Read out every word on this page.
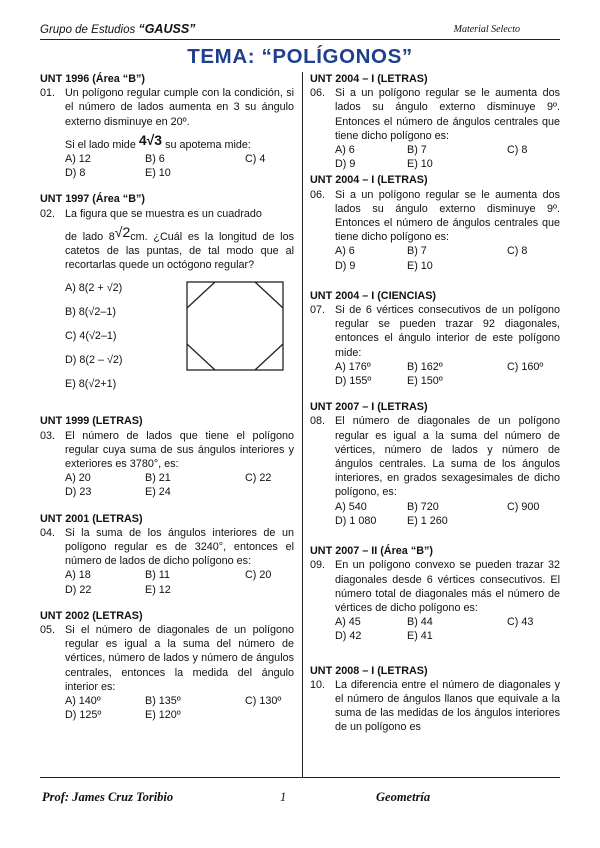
Grupo de Estudios “GAUSS”	Material Selecto
TEMA: “POLÍGONOS”
UNT 1996 (Área “B”)
01. Un polígono regular cumple con la condición, si el número de lados aumenta en 3 su ángulo externo disminuye en 20º.
Si el lado mide 4√3 su apotema mide:
A) 12	B) 6	C) 4
D) 8	E) 10
UNT 1997 (Área “B”)
02. La figura que se muestra es un cuadrado
de lado 8√2cm. ¿Cuál es la longitud de los catetos de las puntas, de tal modo que al recortarlas quede un octógono regular?
A) 8(2 + √2)
B) 8(√2–1)
C) 4(√2–1)
D) 8(2 – √2)
E) 8(√2+1)
UNT 1999 (LETRAS)
03. El número de lados que tiene el polígono regular cuya suma de sus ángulos interiores y exteriores es 3780°, es:
A) 20	B) 21	C) 22
D) 23	E) 24
UNT 2001 (LETRAS)
04. Si la suma de los ángulos interiores de un polígono regular es de 3240°, entonces el número de lados de dicho polígono es:
A) 18	B) 11	C) 20
D) 22	E) 12
UNT 2002 (LETRAS)
05. Si el número de diagonales de un polígono regular es igual a la suma del número de vértices, número de lados y número de ángulos centrales, entonces la medida del ángulo interior es:
A) 140º	B) 135º	C) 130º
D) 125º	E) 120º
UNT 2004 – I (LETRAS)
06. Si a un polígono regular se le aumenta dos lados su ángulo externo disminuye 9º. Entonces el número de ángulos centrales que tiene dicho polígono es:
A) 6	B) 7	C) 8
D) 9	E) 10
UNT 2004 – I (LETRAS)
06. Si a un polígono regular se le aumenta dos lados su ángulo externo disminuye 9º. Entonces el número de ángulos centrales que tiene dicho polígono es:
A) 6	B) 7	C) 8
D) 9	E) 10
UNT 2004 – I (CIENCIAS)
07. Si de 6 vértices consecutivos de un polígono regular se pueden trazar 92 diagonales, entonces el ángulo interior de este polígono mide:
A) 176º	B) 162º	C) 160º
D) 155º	E) 150º
UNT 2007 – I (LETRAS)
08. El número de diagonales de un polígono regular es igual a la suma del número de vértices, número de lados y número de ángulos centrales. La suma de los ángulos interiores, en grados sexagesimales de dicho polígono, es:
A) 540	B) 720	C) 900
D) 1 080	E) 1 260
UNT 2007 – II (Área “B”)
09. En un polígono convexo se pueden trazar 32 diagonales desde 6 vértices consecutivos. El número total de diagonales más el número de vértices de dicho polígono es:
A) 45	B) 44	C) 43
D) 42	E) 41
UNT 2008 – I (LETRAS)
10. La diferencia entre el número de diagonales y el número de ángulos llanos que equivale a la suma de las medidas de los ángulos interiores de un polígono es
Prof: James Cruz Toribio	1	Geometría
